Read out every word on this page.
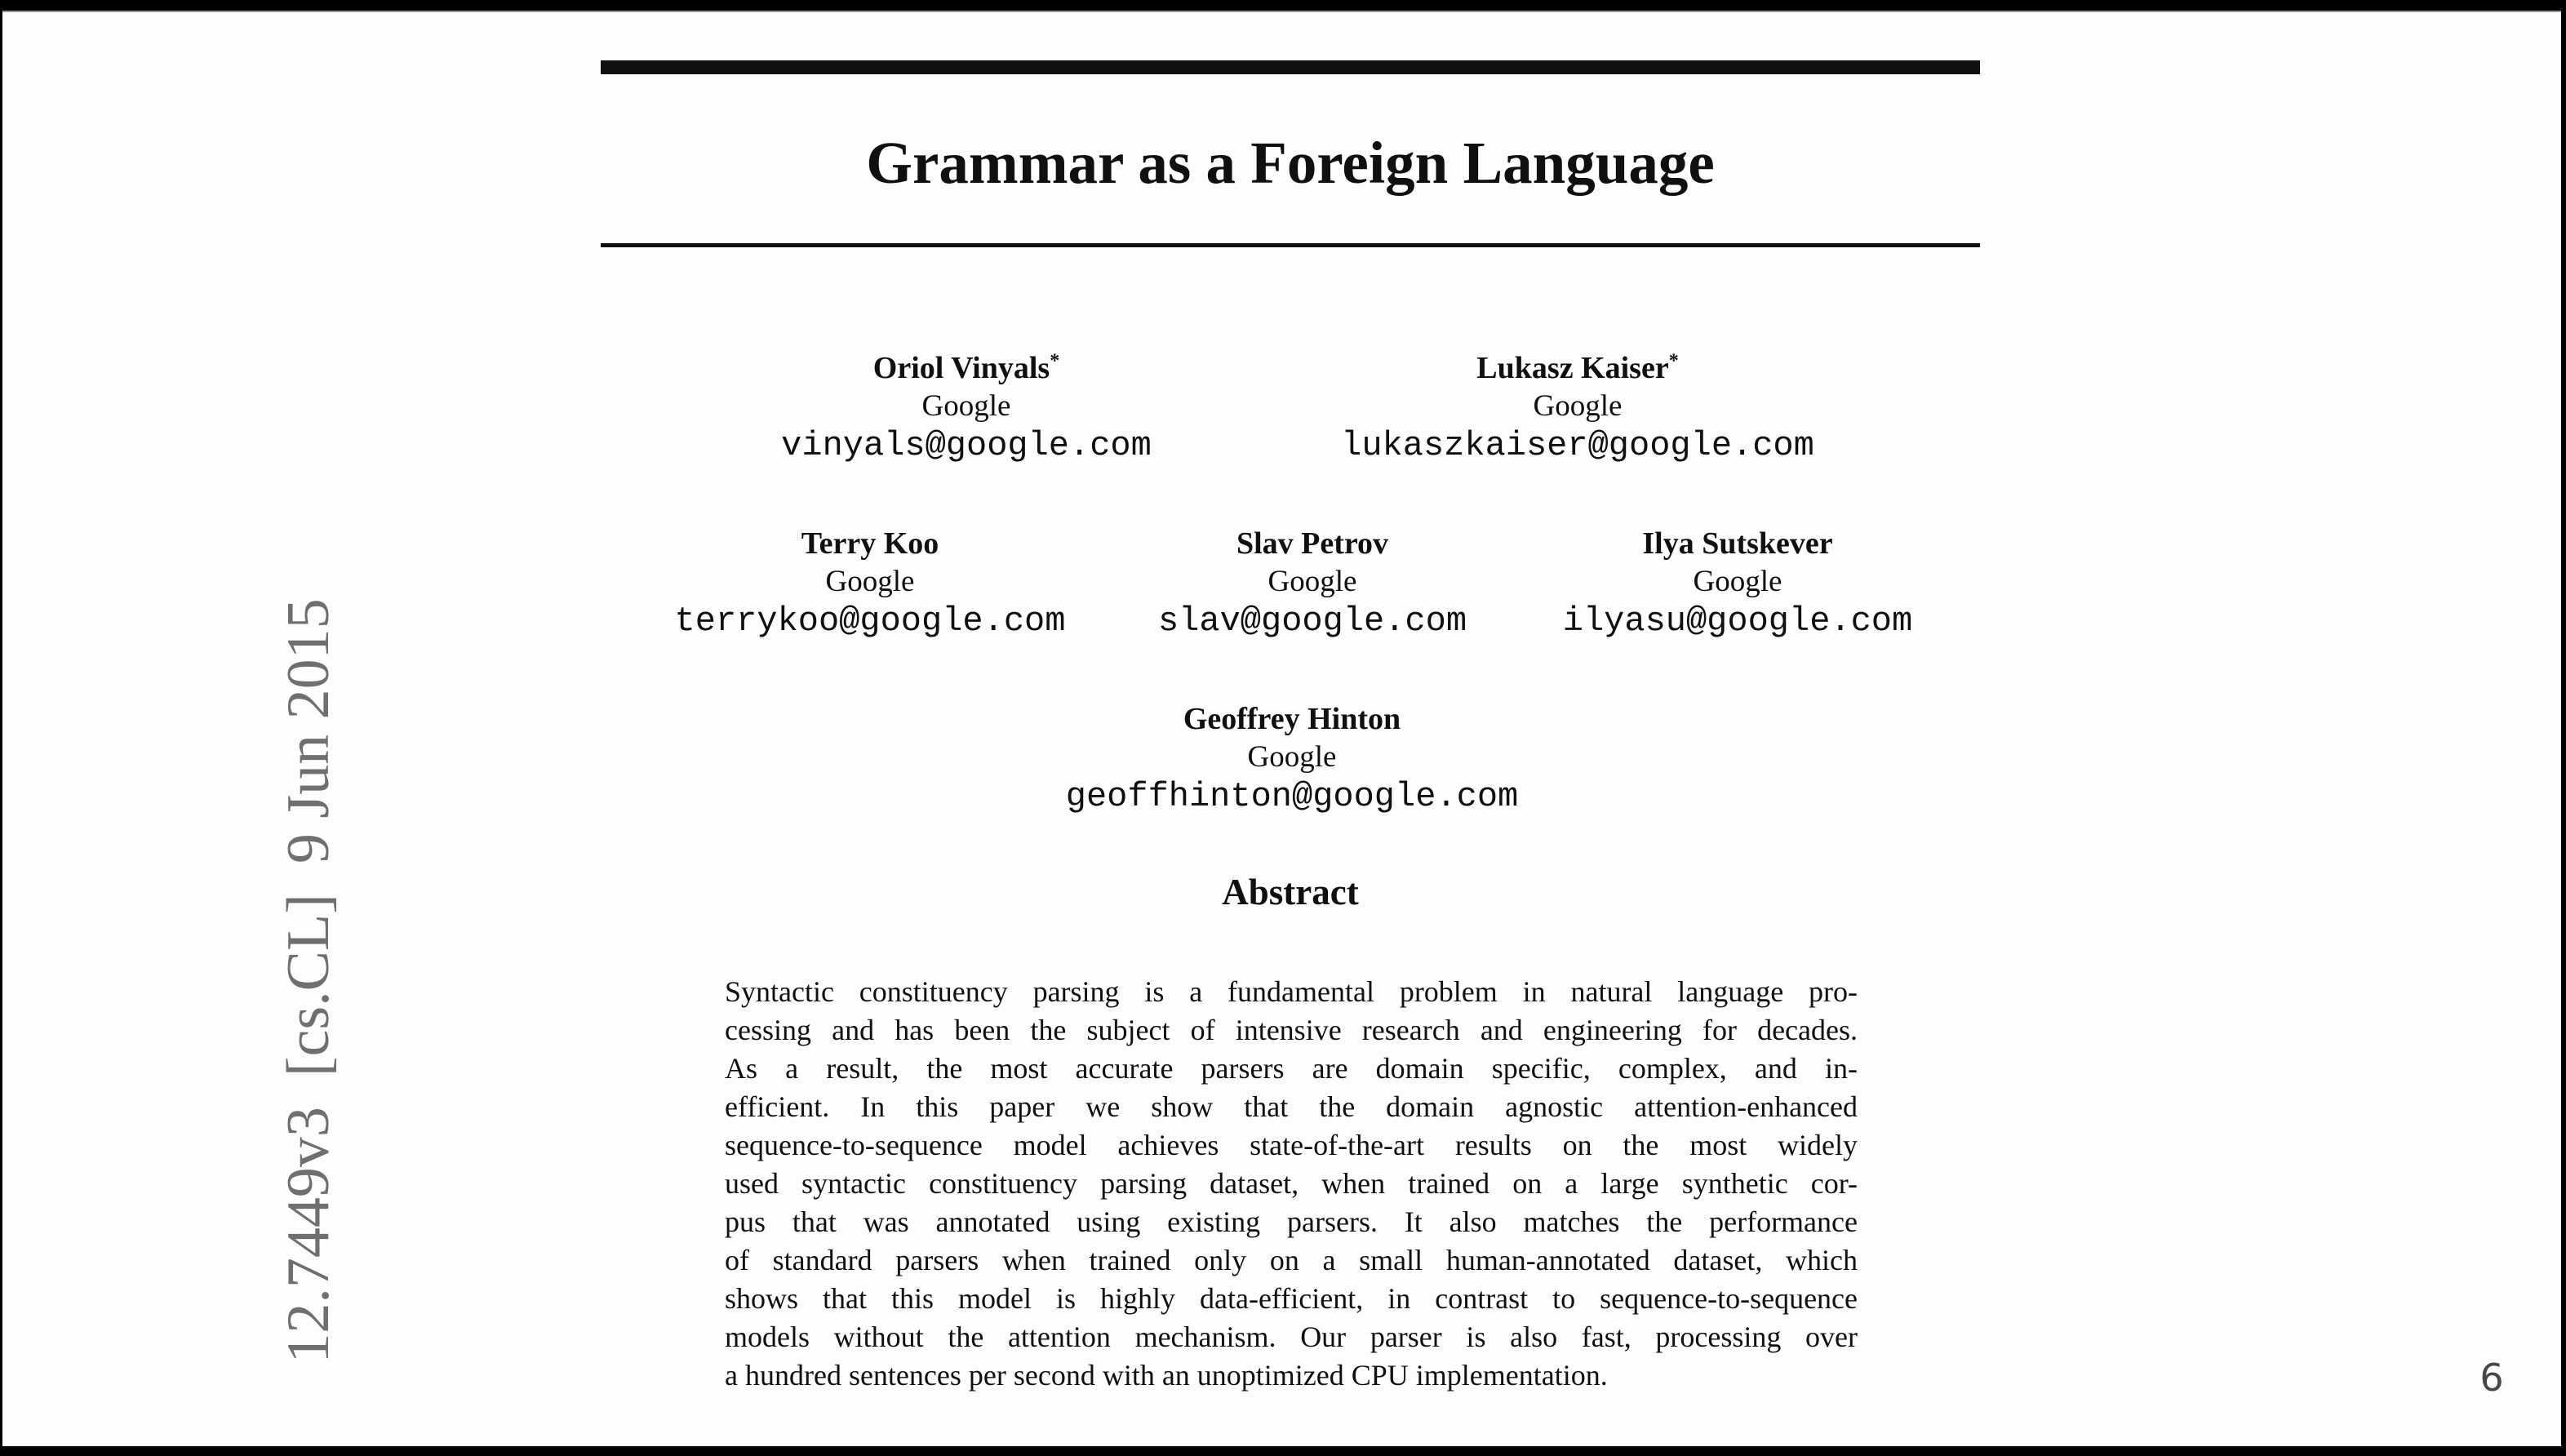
Grammar as a Foreign Language
Oriol Vinyals*
Google
vinyals@google.com
Lukasz Kaiser*
Google
lukaszkaiser@google.com
Terry Koo
Google
terrykoo@google.com
Slav Petrov
Google
slav@google.com
Ilya Sutskever
Google
ilyasu@google.com
Geoffrey Hinton
Google
geoffhinton@google.com
Abstract
Syntactic constituency parsing is a fundamental problem in natural language pro-
cessing and has been the subject of intensive research and engineering for decades.
As a result, the most accurate parsers are domain specific, complex, and in-
efficient. In this paper we show that the domain agnostic attention-enhanced
sequence-to-sequence model achieves state-of-the-art results on the most widely
used syntactic constituency parsing dataset, when trained on a large synthetic cor-
pus that was annotated using existing parsers. It also matches the performance
of standard parsers when trained only on a small human-annotated dataset, which
shows that this model is highly data-efficient, in contrast to sequence-to-sequence
models without the attention mechanism. Our parser is also fast, processing over
a hundred sentences per second with an unoptimized CPU implementation.
12.7449v3  [cs.CL]  9 Jun 2015
6
